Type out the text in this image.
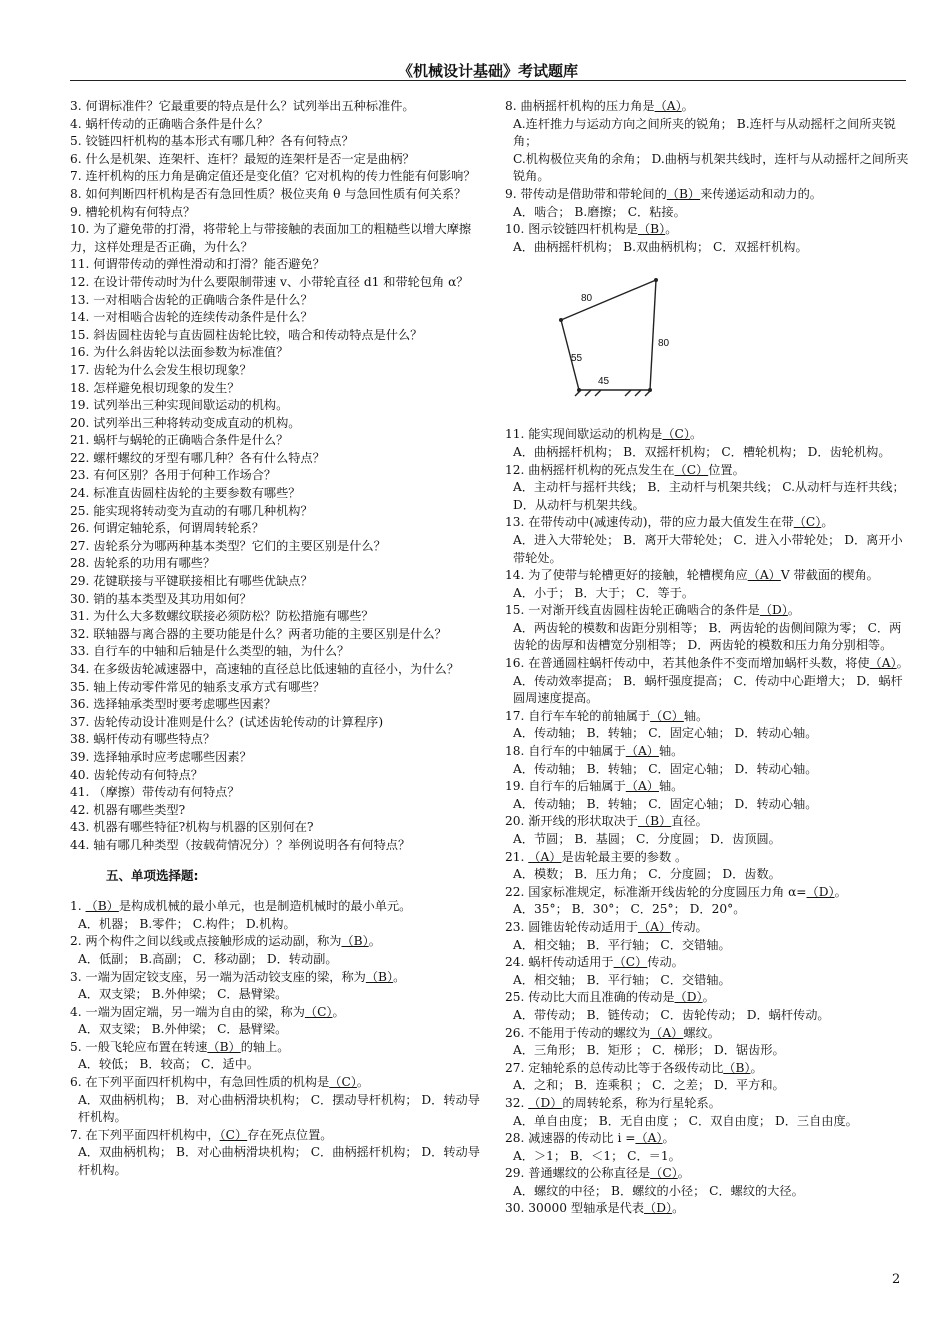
《机械设计基础》考试题库
3. 何谓标准件？它最重要的特点是什么？试列举出五种标准件。
4. 蜗杆传动的正确啮合条件是什么？
5. 铰链四杆机构的基本形式有哪几种？各有何特点？
6. 什么是机架、连架杆、连杆？最短的连架杆是否一定是曲柄？
7. 连杆机构的压力角是确定值还是变化值？它对机构的传力性能有何影响？
8. 如何判断四杆机构是否有急回性质？极位夹角 θ 与急回性质有何关系？
9. 槽轮机构有何特点？
10. 为了避免带的打滑，将带轮上与带接触的表面加工的粗糙些以增大摩擦力，这样处理是否正确，为什么？
11. 何谓带传动的弹性滑动和打滑？能否避免？
12. 在设计带传动时为什么要限制带速 v、小带轮直径 d1 和带轮包角 α？
13. 一对相啮合齿轮的正确啮合条件是什么？
14. 一对相啮合齿轮的连续传动条件是什么？
15. 斜齿圆柱齿轮与直齿圆柱齿轮比较，啮合和传动特点是什么？
16. 为什么斜齿轮以法面参数为标准值？
17. 齿轮为什么会发生根切现象？
18. 怎样避免根切现象的发生？
19. 试列举出三种实现间歇运动的机构。
20. 试列举出三种将转动变成直动的机构。
21. 蜗杆与蜗轮的正确啮合条件是什么？
22. 螺杆螺纹的牙型有哪几种？各有什么特点？
23. 有何区别？各用于何种工作场合？
24. 标准直齿圆柱齿轮的主要参数有哪些？
25. 能实现将转动变为直动的有哪几种机构？
26. 何谓定轴轮系，何谓周转轮系？
27. 齿轮系分为哪两种基本类型？它们的主要区别是什么？
28. 齿轮系的功用有哪些？
29. 花键联接与平键联接相比有哪些优缺点？
30. 销的基本类型及其功用如何？
31. 为什么大多数螺纹联接必须防松？防松措施有哪些？
32. 联轴器与离合器的主要功能是什么？两者功能的主要区别是什么？
33. 自行车的中轴和后轴是什么类型的轴，为什么？
34. 在多级齿轮减速器中，高速轴的直径总比低速轴的直径小，为什么？
35. 轴上传动零件常见的轴系支承方式有哪些？
36. 选择轴承类型时要考虑哪些因素？
37. 齿轮传动设计准则是什么？(试述齿轮传动的计算程序)
38. 蜗杆传动有哪些特点？
39. 选择轴承时应考虑哪些因素？
40. 齿轮传动有何特点？
41. （摩擦）带传动有何特点？
42. 机器有哪些类型?
43. 机器有哪些特征?机构与机器的区别何在?
44. 轴有哪几种类型（按载荷情况分）？举例说明各有何特点？
五、单项选择题:
1. （B）是构成机械的最小单元，也是制造机械时的最小单元。
A．机器； B.零件； C.构件； D.机构。
2. 两个构件之间以线或点接触形成的运动副，称为（B）。
A．低副； B.高副； C．移动副； D．转动副。
3. 一端为固定铰支座，另一端为活动铰支座的梁，称为（B）。
A．双支梁； B.外伸梁； C．悬臂梁。
4. 一端为固定端，另一端为自由的梁，称为（C）。
A．双支梁； B.外伸梁； C．悬臂梁。
5. 一般飞轮应布置在转速（B）的轴上。
A．较低； B．较高； C．适中。
6. 在下列平面四杆机构中，有急回性质的机构是（C）。
A．双曲柄机构； B．对心曲柄滑块机构； C．摆动导杆机构； D．转动导杆机构。
7. 在下列平面四杆机构中，（C）存在死点位置。
A．双曲柄机构； B．对心曲柄滑块机构； C．曲柄摇杆机构； D．转动导杆机构。
8. 曲柄摇杆机构的压力角是（A）。
A.连杆推力与运动方向之间所夹的锐角； B.连杆与从动摇杆之间所夹锐角；
C.机构极位夹角的余角； D.曲柄与机架共线时，连杆与从动摇杆之间所夹锐角。
9. 带传动是借助带和带轮间的（B）来传递运动和动力的。
A．啮合； B.磨擦； C．粘接。
10. 图示铰链四杆机构是（B）。
A．曲柄摇杆机构； B.双曲柄机构； C．双摇杆机构。
80
80
55
45
11. 能实现间歇运动的机构是（C）。
A．曲柄摇杆机构； B．双摇杆机构； C．槽轮机构； D．齿轮机构。
12. 曲柄摇杆机构的死点发生在（C）位置。
A．主动杆与摇杆共线； B．主动杆与机架共线； C.从动杆与连杆共线； D．从动杆与机架共线。
13. 在带传动中(减速传动)，带的应力最大值发生在带（C）。
A．进入大带轮处； B．离开大带轮处； C．进入小带轮处； D．离开小带轮处。
14. 为了使带与轮槽更好的接触，轮槽楔角应（A）V 带截面的楔角。
A．小于； B．大于； C．等于。
15. 一对渐开线直齿圆柱齿轮正确啮合的条件是（D）。
A．两齿轮的模数和齿距分别相等； B．两齿轮的齿侧间隙为零； C．两齿轮的齿厚和齿槽宽分别相等； D．两齿轮的模数和压力角分别相等。
16. 在普通圆柱蜗杆传动中，若其他条件不变而增加蜗杆头数，将使（A）。
A．传动效率提高； B．蜗杆强度提高； C．传动中心距增大； D．蜗杆圆周速度提高。
17. 自行车车轮的前轴属于（C）轴。
A．传动轴； B．转轴； C．固定心轴； D．转动心轴。
18. 自行车的中轴属于（A）轴。
A．传动轴； B．转轴； C．固定心轴； D．转动心轴。
19. 自行车的后轴属于（A）轴。
A．传动轴； B．转轴； C．固定心轴； D．转动心轴。
20. 渐开线的形状取决于（B）直径。
A．节圆； B．基圆； C．分度圆； D．齿顶圆。
21. （A）是齿轮最主要的参数 。
A．模数； B．压力角； C．分度圆； D．齿数。
22. 国家标准规定，标准渐开线齿轮的分度圆压力角 α=（D）。
A．35°； B．30°； C．25°； D．20°。
23. 圆锥齿轮传动适用于（A）传动。
A．相交轴； B．平行轴； C．交错轴。
24. 蜗杆传动适用于（C）传动。
A．相交轴； B．平行轴； C．交错轴。
25. 传动比大而且准确的传动是（D）。
A．带传动； B．链传动； C．齿轮传动； D．蜗杆传动。
26. 不能用于传动的螺纹为（A）螺纹。
A．三角形； B．矩形 ； C．梯形； D．锯齿形。
27. 定轴轮系的总传动比等于各级传动比（B）。
A．之和； B．连乘积 ； C．之差； D．平方和。
32. （D）的周转轮系，称为行星轮系。
A．单自由度； B．无自由度 ； C．双自由度； D．三自由度。
28. 减速器的传动比 i =（A）。
A．＞1； B．＜1； C．＝1。
29. 普通螺纹的公称直径是（C）。
A．螺纹的中径； B．螺纹的小径； C．螺纹的大径。
30. 30000 型轴承是代表（D）。
2
